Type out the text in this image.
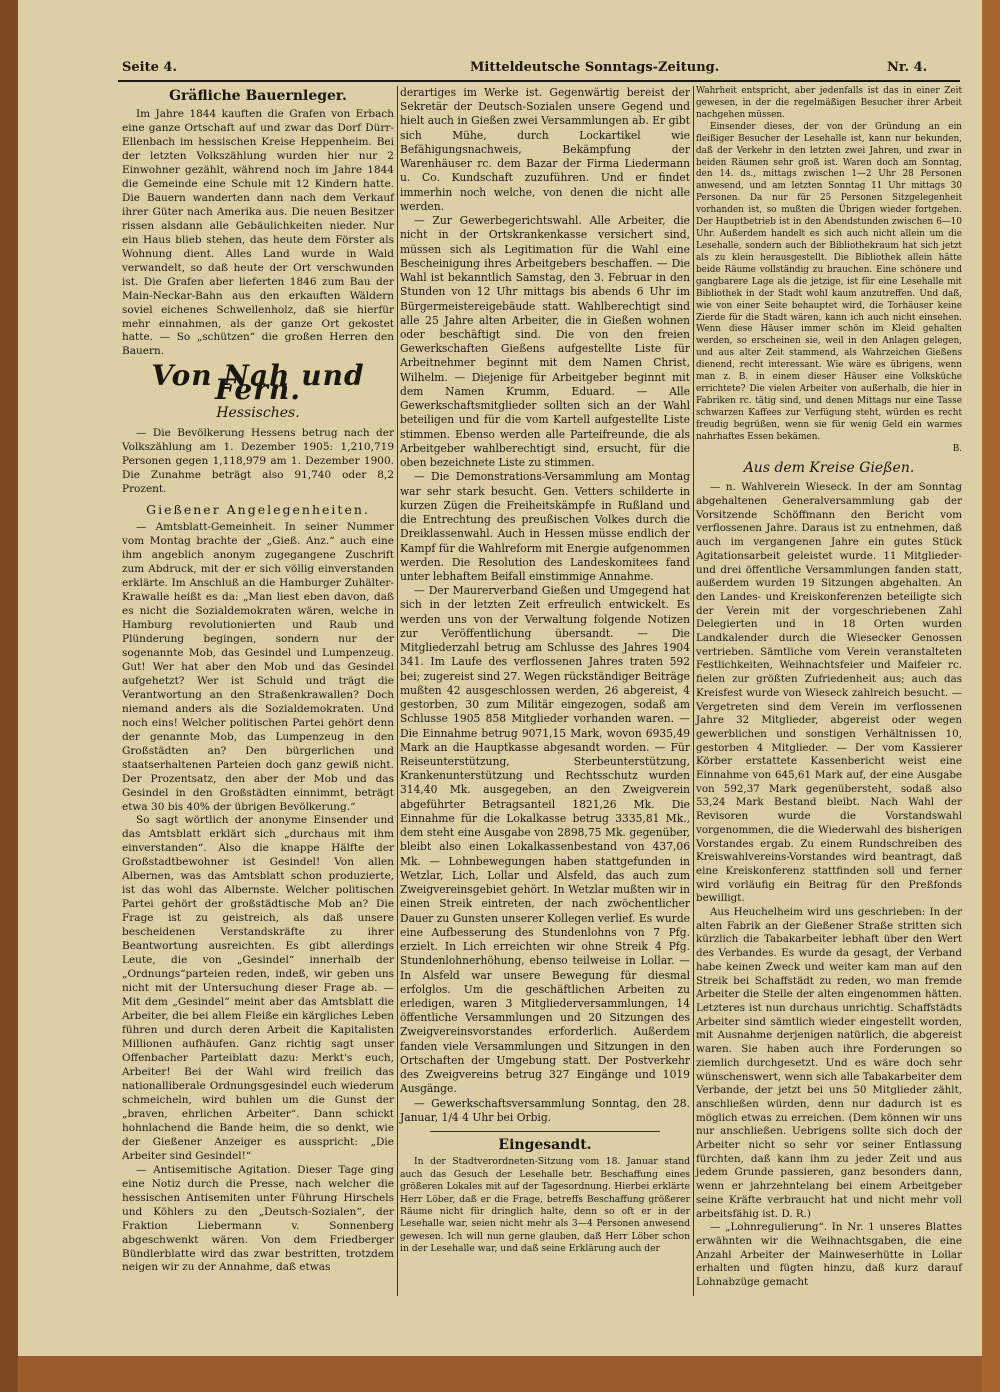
Seite 4.	Mitteldeutsche Sonntags-Zeitung.	Nr. 4.
Gräfliche Bauernleger.

Im Jahre 1844 kauften die Grafen von Erbach eine ganze Ortschaft auf und zwar das Dorf Dürr-Ellenbach im hessischen Kreise Heppenheim. Bei der letzten Volkszählung wurden hier nur 2 Einwohner gezählt, während noch im Jahre 1844 die Gemeinde eine Schule mit 12 Kindern hatte. Die Bauern wanderten dann nach dem Verkauf ihrer Güter nach Amerika aus. Die neuen Besitzer rissen alsdann alle Gebäulichkeiten nieder. Nur ein Haus blieb stehen, das heute dem Förster als Wohnung dient. Alles Land wurde in Wald verwandelt, so daß heute der Ort verschwunden ist. Die Grafen aber lieferten 1846 zum Bau der Main-Neckar-Bahn aus den erkauften Wäldern soviel eichenes Schwellenholz, daß sie hierfür mehr einnahmen, als der ganze Ort gekostet hatte. — So „schützen“ die großen Herren den Bauern.

Von Nah und Fern.
Hessisches.

— Die Bevölkerung Hessens betrug nach der Volkszählung am 1. Dezember 1905: 1,210,719 Personen gegen 1,118,979 am 1. Dezember 1900. Die Zunahme beträgt also 91,740 oder 8,2 Prozent.

Gießener Angelegenheiten.

— Amtsblatt-Gemeinheit. In seiner Nummer vom Montag brachte der „Gieß. Anz.“ auch eine ihm angeblich anonym zugegangene Zuschrift zum Abdruck, mit der er sich völlig einverstanden erklärte. Im Anschluß an die Hamburger Zuhälter-Krawalle heißt es da: „Man liest eben davon, daß es nicht die Sozialdemokraten wären, welche in Hamburg revolutionierten und Raub und Plünderung begingen, sondern nur der sogenannte Mob, das Gesindel und Lumpenzeug. Gut! Wer hat aber den Mob und das Gesindel aufgehetzt? Wer ist Schuld und trägt die Verantwortung an den Straßenkrawallen? Doch niemand anders als die Sozialdemokraten. Und noch eins! Welcher politischen Partei gehört denn der genannte Mob, das Lumpenzeug in den Großstädten an? Den bürgerlichen und staatserhaltenen Parteien doch ganz gewiß nicht. Der Prozentsatz, den aber der Mob und das Gesindel in den Großstädten einnimmt, beträgt etwa 30 bis 40% der übrigen Bevölkerung.“

So sagt wörtlich der anonyme Einsender und das Amtsblatt erklärt sich „durchaus mit ihm einverstanden“. Also die knappe Hälfte der Großstadtbewohner ist Gesindel! Von allen Albernen, was das Amtsblatt schon produzierte, ist das wohl das Albernste. Welcher politischen Partei gehört der großstädtische Mob an? Die Frage ist zu geistreich, als daß unsere bescheidenen Verstandskräfte zu ihrer Beantwortung ausreichten. Es gibt allerdings Leute, die von „Gesindel“ innerhalb der „Ordnungs“parteien reden, indeß, wir geben uns nicht mit der Untersuchung dieser Frage ab. — Mit dem „Gesindel“ meint aber das Amtsblatt die Arbeiter, die bei allem Fleiße ein kärgliches Leben führen und durch deren Arbeit die Kapitalisten Millionen aufhäufen. Ganz richtig sagt unser Offenbacher Parteiblatt dazu: Merkt's euch, Arbeiter! Bei der Wahl wird freilich das nationalliberale Ordnungsgesindel euch wiederum schmeicheln, wird buhlen um die Gunst der „braven, ehrlichen Arbeiter“. Dann schickt hohnlachend die Bande heim, die so denkt, wie der Gießener Anzeiger es ausspricht: „Die Arbeiter sind Gesindel!“

— Antisemitische Agitation. Dieser Tage ging eine Notiz durch die Presse, nach welcher die hessischen Antisemiten unter Führung Hirschels und Köhlers zu den „Deutsch-Sozialen“, der Fraktion Liebermann v. Sonnenberg abgeschwenkt wären. Von dem Friedberger Bündlerblatte wird das zwar bestritten, trotzdem neigen wir zu der Annahme, daß etwas

derartiges im Werke ist. Gegenwärtig bereist der Sekretär der Deutsch-Sozialen unsere Gegend und hielt auch in Gießen zwei Versammlungen ab. Er gibt sich Mühe, durch Lockartikel wie Befähigungsnachweis, Bekämpfung der Warenhäuser rc. dem Bazar der Firma Liedermann u. Co. Kundschaft zuzuführen. Und er findet immerhin noch welche, von denen die nicht alle werden.

— Zur Gewerbegerichtswahl. Alle Arbeiter, die nicht in der Ortskrankenkasse versichert sind, müssen sich als Legitimation für die Wahl eine Bescheinigung ihres Arbeitgebers beschaffen. — Die Wahl ist bekanntlich Samstag, den 3. Februar in den Stunden von 12 Uhr mittags bis abends 6 Uhr im Bürgermeistereigebäude statt. Wahlberechtigt sind alle 25 Jahre alten Arbeiter, die in Gießen wohnen oder beschäftigt sind. Die von den freien Gewerkschaften Gießens aufgestellte Liste für Arbeitnehmer beginnt mit dem Namen Christ, Wilhelm. — Diejenige für Arbeitgeber beginnt mit dem Namen Krumm, Eduard. — Alle Gewerkschaftsmitglieder sollten sich an der Wahl beteiligen und für die vom Kartell aufgestellte Liste stimmen. Ebenso werden alle Parteifreunde, die als Arbeitgeber wahlberechtigt sind, ersucht, für die oben bezeichnete Liste zu stimmen.

— Die Demonstrations-Versammlung am Montag war sehr stark besucht. Gen. Vetters schilderte in kurzen Zügen die Freiheitskämpfe in Rußland und die Entrechtung des preußischen Volkes durch die Dreiklassenwahl. Auch in Hessen müsse endlich der Kampf für die Wahlreform mit Energie aufgenommen werden. Die Resolution des Landeskomitees fand unter lebhaftem Beifall einstimmige Annahme.

— Der Maurerverband Gießen und Umgegend hat sich in der letzten Zeit erfreulich entwickelt. Es werden uns von der Verwaltung folgende Notizen zur Veröffentlichung übersandt. — Die Mitgliederzahl betrug am Schlusse des Jahres 1904 341. Im Laufe des verflossenen Jahres traten 592 bei; zugereist sind 27. Wegen rückständiger Beiträge mußten 42 ausgeschlossen werden, 26 abgereist, 4 gestorben, 30 zum Militär eingezogen, sodaß am Schlusse 1905 858 Mitglieder vorhanden waren. — Die Einnahme betrug 9071,15 Mark, wovon 6935,49 Mark an die Hauptkasse abgesandt worden. — Für Reiseunterstützung, Sterbeunterstützung, Krankenunterstützung und Rechtsschutz wurden 314,40 Mk. ausgegeben, an den Zweigverein abgeführter Betragsanteil 1821,26 Mk. Die Einnahme für die Lokalkasse betrug 3335,81 Mk., dem steht eine Ausgabe von 2898,75 Mk. gegenüber, bleibt also einen Lokalkassenbestand von 437,06 Mk. — Lohnbewegungen haben stattgefunden in Wetzlar, Lich, Lollar und Alsfeld, das auch zum Zweigvereinsgebiet gehört. In Wetzlar mußten wir in einen Streik eintreten, der nach zwöchentlicher Dauer zu Gunsten unserer Kollegen verlief. Es wurde eine Aufbesserung des Stundenlohns von 7 Pfg. erzielt. In Lich erreichten wir ohne Streik 4 Pfg. Stundenlohnerhöhung, ebenso teilweise in Lollar. — In Alsfeld war unsere Bewegung für diesmal erfolglos. Um die geschäftlichen Arbeiten zu erledigen, waren 3 Mitgliederversammlungen, 14 öffentliche Versammlungen und 20 Sitzungen des Zweigvereinsvorstandes erforderlich. Außerdem fanden viele Versammlungen und Sitzungen in den Ortschaften der Umgebung statt. Der Postverkehr des Zweigvereins betrug 327 Eingänge und 1019 Ausgänge.

— Gewerkschaftsversammlung Sonntag, den 28. Januar, 1/4 4 Uhr bei Orbig.

Eingesandt.

In der Stadtverordneten-Sitzung vom 18. Januar stand auch das Gesuch der Lesehalle betr. Beschaffung eines größeren Lokales mit auf der Tagesordnung. Hierbei erklärte Herr Löber, daß er die Frage, betreffs Beschaffung größerer Räume nicht für dringlich halte, denn so oft er in der Lesehalle war, seien nicht mehr als 3—4 Personen anwesend gewesen. Ich will nun gerne glauben, daß Herr Löber schon in der Lesehalle war, und daß seine Erklärung auch der

Wahrheit entspricht, aber jedenfalls ist das in einer Zeit gewesen, in der die regelmäßigen Besucher ihrer Arbeit nachgehen müssen.

Einsender dieses, der von der Gründung an ein fleißiger Besucher der Lesehalle ist, kann nur bekunden, daß der Verkehr in den letzten zwei Jahren, und zwar in beiden Räumen sehr groß ist. Waren doch am Sonntag, den 14. ds., mittags zwischen 1—2 Uhr 28 Personen anwesend, und am letzten Sonntag 11 Uhr mittags 30 Personen. Da nur für 25 Personen Sitzgelegenheit vorhanden ist, so mußten die Übrigen wieder fortgehen. Der Hauptbetrieb ist in den Abendstunden zwischen 6—10 Uhr. Außerdem handelt es sich auch nicht allein um die Lesehalle, sondern auch der Bibliothekraum hat sich jetzt als zu klein herausgestellt. Die Bibliothek allein hätte beide Räume vollständig zu brauchen. Eine schönere und gangbarere Lage als die jetzige, ist für eine Lesehalle mit Bibliothek in der Stadt wohl kaum anzutreffen. Und daß, wie von einer Seite behauptet wird, die Torhäuser keine Zierde für die Stadt wären, kann ich auch nicht einsehen. Wenn diese Häuser immer schön im Kleid gehalten werden, so erscheinen sie, weil in den Anlagen gelegen, und aus alter Zeit stammend, als Wahrzeichen Gießens dienend, recht interessant. Wie wäre es übrigens, wenn man z. B. in einem dieser Häuser eine Volksküche errichtete? Die vielen Arbeiter von außerhalb, die hier in Fabriken rc. tätig sind, und denen Mittags nur eine Tasse schwarzen Kaffees zur Verfügung steht, würden es recht freudig begrüßen, wenn sie für wenig Geld ein warmes nahrhaftes Essen bekämen.

B.

Aus dem Kreise Gießen.

— n. Wahlverein Wieseck. In der am Sonntag abgehaltenen Generalversammlung gab der Vorsitzende Schöffmann den Bericht vom verflossenen Jahre. Daraus ist zu entnehmen, daß auch im vergangenen Jahre ein gutes Stück Agitationsarbeit geleistet wurde. 11 Mitglieder- und drei öffentliche Versammlungen fanden statt, außerdem wurden 19 Sitzungen abgehalten. An den Landes- und Kreiskonferenzen beteiligte sich der Verein mit der vorgeschriebenen Zahl Delegierten und in 18 Orten wurden Landkalender durch die Wiesecker Genossen vertrieben. Sämtliche vom Verein veranstalteten Festlichkeiten, Weihnachtsfeier und Maifeier rc. fielen zur größten Zufriedenheit aus; auch das Kreisfest wurde von Wieseck zahlreich besucht. — Vergetreten sind dem Verein im verflossenen Jahre 32 Mitglieder, abgereist oder wegen gewerblichen und sonstigen Verhältnissen 10, gestorben 4 Mitglieder. — Der vom Kassierer Körber erstattete Kassenbericht weist eine Einnahme von 645,61 Mark auf, der eine Ausgabe von 592,37 Mark gegenübersteht, sodaß also 53,24 Mark Bestand bleibt. Nach Wahl der Revisoren wurde die Vorstandswahl vorgenommen, die die Wiederwahl des bisherigen Vorstandes ergab. Zu einem Rundschreiben des Kreiswahlvereins-Vorstandes wird beantragt, daß eine Kreiskonferenz stattfinden soll und ferner wird vorläufig ein Beitrag für den Preßfonds bewilligt.

Aus Heuchelheim wird uns geschrieben: In der alten Fabrik an der Gießener Straße stritten sich kürzlich die Tabakarbeiter lebhaft über den Wert des Verbandes. Es wurde da gesagt, der Verband habe keinen Zweck und weiter kam man auf den Streik bei Schaffstädt zu reden, wo man fremde Arbeiter die Stelle der alten eingenommen hätten. Letzteres ist nun durchaus unrichtig. Schaffstädts Arbeiter sind sämtlich wieder eingestellt worden, mit Ausnahme derjenigen natürlich, die abgereist waren. Sie haben auch ihre Forderungen so ziemlich durchgesetzt. Und es wäre doch sehr wünschenswert, wenn sich alle Tabakarbeiter dem Verbande, der jetzt bei uns 50 Mitglieder zählt, anschließen würden, denn nur dadurch ist es möglich etwas zu erreichen. (Dem können wir uns nur anschließen. Uebrigens sollte sich doch der Arbeiter nicht so sehr vor seiner Entlassung fürchten, daß kann ihm zu jeder Zeit und aus jedem Grunde passieren, ganz besonders dann, wenn er jahrzehntelang bei einem Arbeitgeber seine Kräfte verbraucht hat und nicht mehr voll arbeitsfähig ist. D. R.)

— „Lohnregulierung“. In Nr. 1 unseres Blattes erwähnten wir die Weihnachtsgaben, die eine Anzahl Arbeiter der Mainweserhütte in Lollar erhalten und fügten hinzu, daß kurz darauf Lohnabzüge gemacht
